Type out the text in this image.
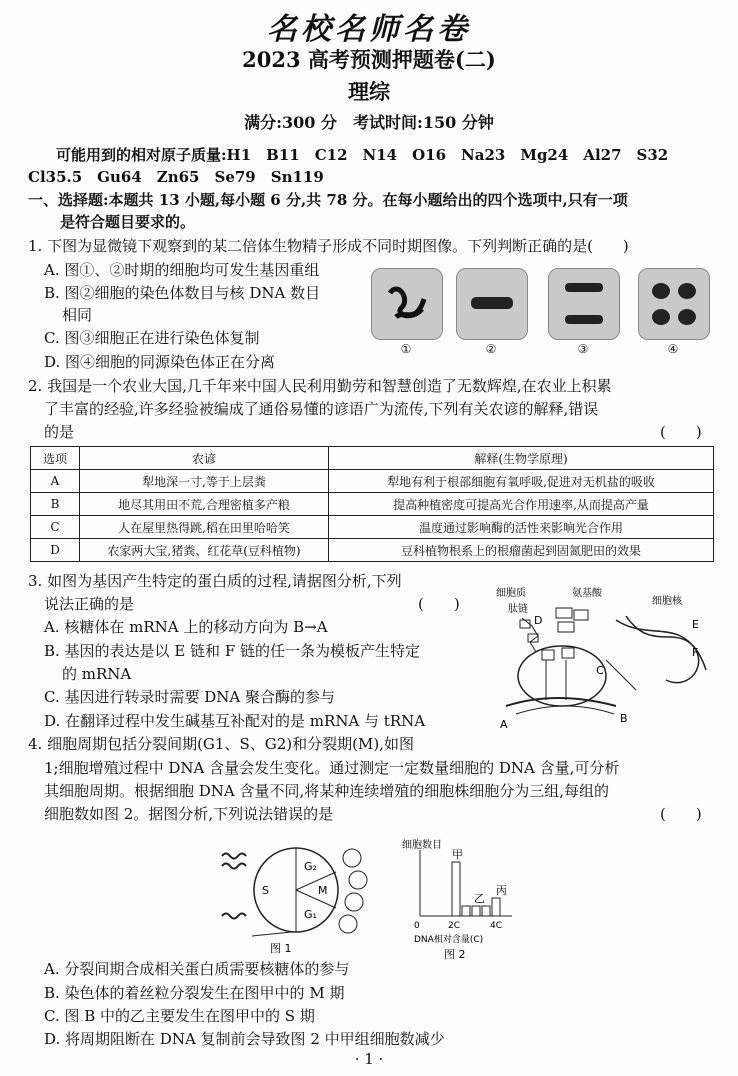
名校名师名卷
2023 高考预测押题卷(二)
理综
满分:300 分　考试时间:150 分钟
可能用到的相对原子质量:H1　B11　C12　N14　O16　Na23　Mg24　Al27　S32
Cl35.5　Gu64　Zn65　Se79　Sn119
一、选择题:本题共 13 小题,每小题 6 分,共 78 分。在每小题给出的四个选项中,只有一项
是符合题目要求的。
1. 下图为显微镜下观察到的某二倍体生物精子形成不同时期图像。下列判断正确的是(　　)
A. 图①、②时期的细胞均可发生基因重组
B. 图②细胞的染色体数目与核 DNA 数目
相同
C. 图③细胞正在进行染色体复制
D. 图④细胞的同源染色体正在分离
①	②	③	④
2. 我国是一个农业大国,几千年来中国人民利用勤劳和智慧创造了无数辉煌,在农业上积累
了丰富的经验,许多经验被编成了通俗易懂的谚语广为流传,下列有关农谚的解释,错误
的是	(　　)
选项	农谚	解释(生物学原理)
A	犁地深一寸,等于上层粪	犁地有利于根部细胞有氧呼吸,促进对无机盐的吸收
B	地尽其用田不荒,合理密植多产粮	提高种植密度可提高光合作用速率,从而提高产量
C	人在屋里热得跳,稻在田里哈哈笑	温度通过影响酶的活性来影响光合作用
D	农家两大宝,猪粪、红花草(豆科植物)	豆科植物根系上的根瘤菌起到固氮肥田的效果
3. 如图为基因产生特定的蛋白质的过程,请据图分析,下列
说法正确的是	(　　)
A. 核糖体在 mRNA 上的移动方向为 B→A
B. 基因的表达是以 E 链和 F 链的任一条为模板产生特定
的 mRNA
C. 基因进行转录时需要 DNA 聚合酶的参与
D. 在翻译过程中发生碱基互补配对的是 mRNA 与 tRNA
细胞质
肽链
氨基酸
细胞核
D
C
A	B
E
F
4. 细胞周期包括分裂间期(G1、S、G2)和分裂期(M),如图
1;细胞增殖过程中 DNA 含量会发生变化。通过测定一定数量细胞的 DNA 含量,可分析
其细胞周期。根据细胞 DNA 含量不同,将某种连续增殖的细胞株细胞分为三组,每组的
细胞数如图 2。据图分析,下列说法错误的是	(　　)
S
G₂
M
G₁
图 1
细胞数目
甲
乙
丙
0	2C	4C
DNA相对含量(C)
图 2
A. 分裂间期合成相关蛋白质需要核糖体的参与
B. 染色体的着丝粒分裂发生在图甲中的 M 期
C. 图 B 中的乙主要发生在图甲中的 S 期
D. 将周期阻断在 DNA 复制前会导致图 2 中甲组细胞数减少
· 1 ·
